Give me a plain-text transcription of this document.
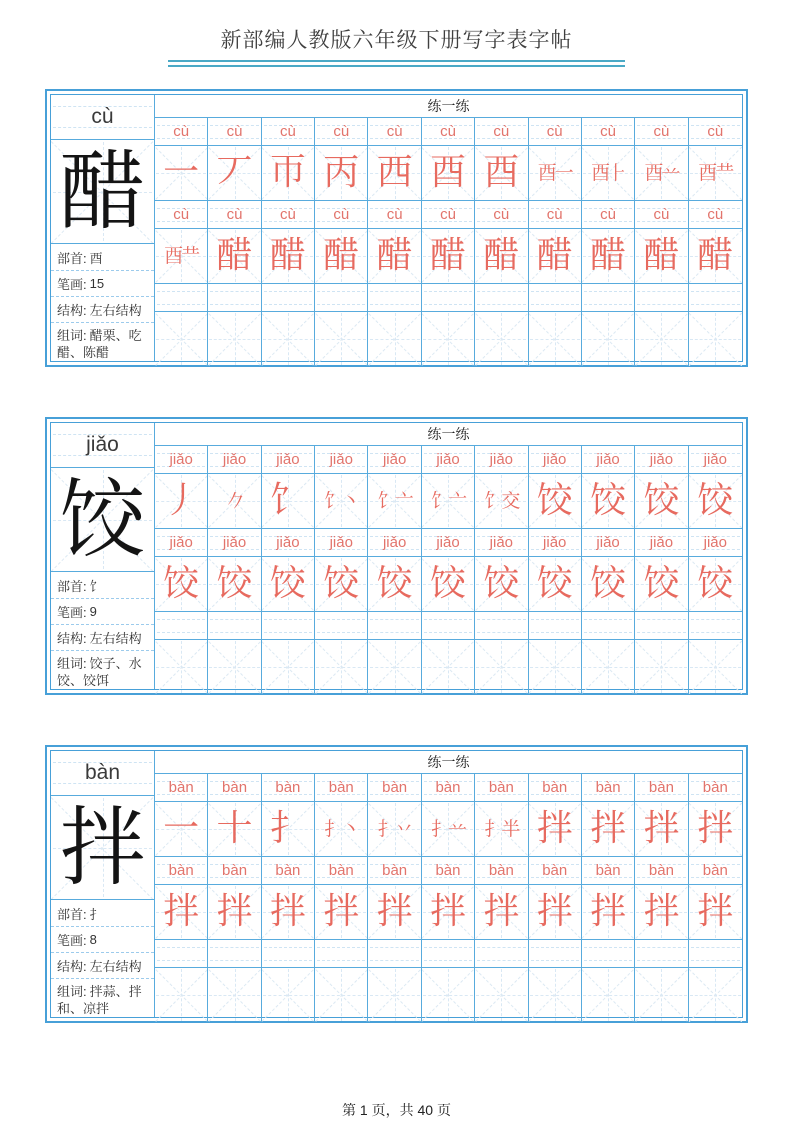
新部编人教版六年级下册写字表字帖
cù
醋
部首: 酉
笔画: 15
结构: 左右结构
组词: 醋栗、吃醋、陈醋
练一练
cù	cù	cù	cù	cù	cù	cù	cù	cù	cù	cù
一 丆 帀 丙 西 酉 酉 酉一 酉⺊ 酉䒑 酉龷
cù	cù	cù	cù	cù	cù	cù	cù	cù	cù	cù
酉龷 醋 醋 醋 醋 醋 醋 醋 醋 醋 醋
jiǎo
饺
部首: 饣
笔画: 9
结构: 左右结构
组词: 饺子、水饺、饺饵
练一练
jiǎo jiǎo jiǎo jiǎo jiǎo jiǎo jiǎo jiǎo jiǎo jiǎo jiǎo
丿 𠂊 饣 饣丶 饣亠 饣亠 饣交 饺 饺 饺 饺
jiǎo jiǎo jiǎo jiǎo jiǎo jiǎo jiǎo jiǎo jiǎo jiǎo jiǎo
饺 饺 饺 饺 饺 饺 饺 饺 饺 饺 饺
bàn
拌
部首: 扌
笔画: 8
结构: 左右结构
组词: 拌蒜、拌和、凉拌
练一练
bàn bàn bàn bàn bàn bàn bàn bàn bàn bàn bàn
一 十 扌 扌丶 扌丷 扌䒑 扌半 拌 拌 拌 拌
bàn bàn bàn bàn bàn bàn bàn bàn bàn bàn bàn
拌 拌 拌 拌 拌 拌 拌 拌 拌 拌 拌
第 1 页，共 40 页
